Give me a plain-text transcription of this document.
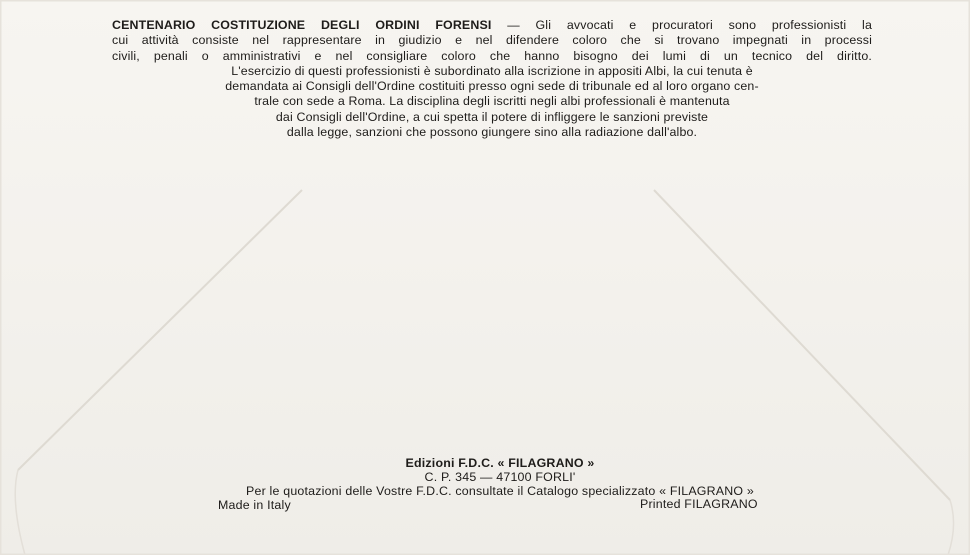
CENTENARIO COSTITUZIONE DEGLI ORDINI FORENSI — Gli avvocati e procuratori sono professionisti la
cui attività consiste nel rappresentare in giudizio e nel difendere coloro che si trovano impegnati in processi
civili, penali o amministrativi e nel consigliare coloro che hanno bisogno dei lumi di un tecnico del diritto.
L'esercizio di questi professionisti è subordinato alla iscrizione in appositi Albi, la cui tenuta è
demandata ai Consigli dell'Ordine costituiti presso ogni sede di tribunale ed al loro organo cen-
trale con sede a Roma. La disciplina degli iscritti negli albi professionali è mantenuta
dai Consigli dell'Ordine, a cui spetta il potere di infliggere le sanzioni previste
dalla legge, sanzioni che possono giungere sino alla radiazione dall'albo.
Edizioni F.D.C. « FILAGRANO »
C. P. 345 — 47100 FORLI'
Per le quotazioni delle Vostre F.D.C. consultate il Catalogo specializzato « FILAGRANO »
Made in Italy	Printed FILAGRANO
